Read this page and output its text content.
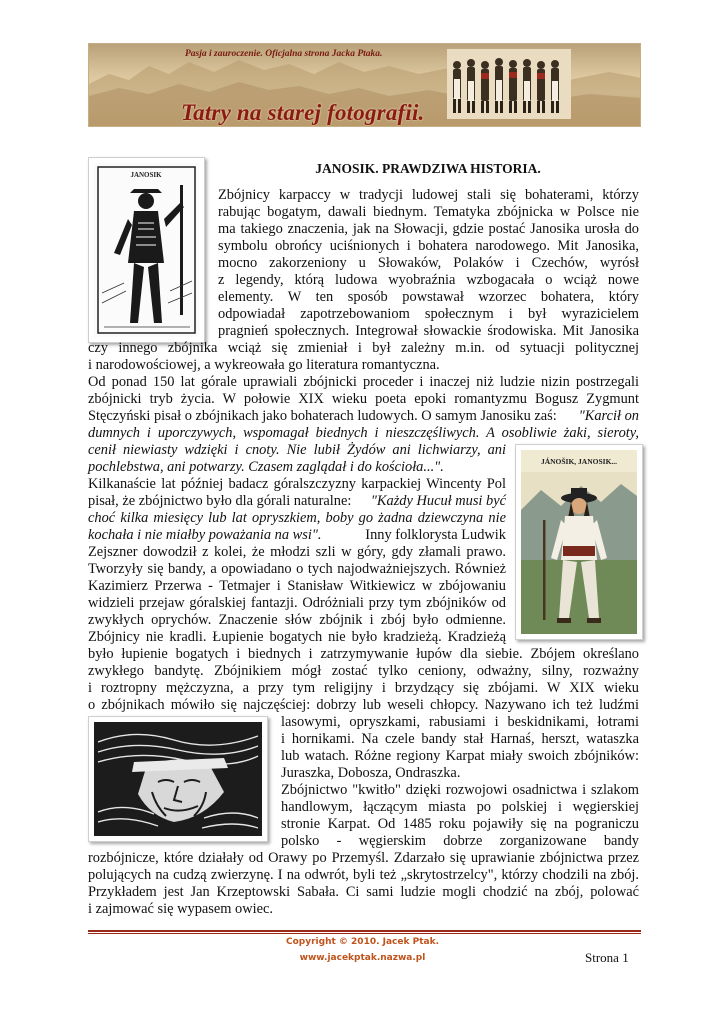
Pasja i zauroczenie. Oficjalna strona Jacka Ptaka.
Tatry na starej fotografii.
JANOSIK
JÁNOŠIK, JANOSIK...
JANOSIK. PRAWDZIWA HISTORIA.
Zbójnicy karpaccy w tradycji ludowej stali się bohaterami, którzy
rabując bogatym, dawali biednym. Tematyka zbójnicka w Polsce nie
ma takiego znaczenia, jak na Słowacji, gdzie postać Janosika urosła do
symbolu obrońcy uciśnionych i bohatera narodowego. Mit Janosika,
mocno zakorzeniony u Słowaków, Polaków i Czechów, wyrósł
z legendy, którą ludowa wyobraźnia wzbogacała o wciąż nowe
elementy. W ten sposób powstawał wzorzec bohatera, który
odpowiadał zapotrzebowaniom społecznym i był wyrazicielem
pragnień społecznych. Integrował słowackie środowiska. Mit Janosika
czy innego zbójnika wciąż się zmieniał i był zależny m.in. od sytuacji politycznej
i narodowościowej, a wykreowała go literatura romantyczna.
Od ponad 150 lat górale uprawiali zbójnicki proceder i inaczej niż ludzie nizin postrzegali
zbójnicki tryb życia. W połowie XIX wieku poeta epoki romantyzmu Bogusz Zygmunt
Stęczyński pisał o zbójnikach jako bohaterach ludowych. O samym Janosiku zaś: "Karcił on
dumnych i uporczywych, wspomagał biednych i nieszczęśliwych. A osobliwie żaki, sieroty,
cenił niewiasty wdzięki i cnoty. Nie lubił Żydów ani lichwiarzy, ani
pochlebstwa, ani potwarzy. Czasem zaglądał i do kościoła...".
Kilkanaście lat później badacz góralszczyzny karpackiej Wincenty Pol
pisał, że zbójnictwo było dla górali naturalne: "Każdy Hucuł musi być
choć kilka miesięcy lub lat opryszkiem, boby go żadna dziewczyna nie
kochała i nie miałby poważania na wsi".	Inny folklorysta Ludwik
Zejszner dowodził z kolei, że młodzi szli w góry, gdy złamali prawo.
Tworzyły się bandy, a opowiadano o tych najodważniejszych. Również
Kazimierz Przerwa - Tetmajer i Stanisław Witkiewicz w zbójowaniu
widzieli przejaw góralskiej fantazji. Odróżniali przy tym zbójników od
zwykłych oprychów. Znaczenie słów zbójnik i zbój było odmienne.
Zbójnicy nie kradli. Łupienie bogatych nie było kradzieżą. Kradzieżą
było łupienie bogatych i biednych i zatrzymywanie łupów dla siebie. Zbójem określano
zwykłego bandytę. Zbójnikiem mógł zostać tylko ceniony, odważny, silny, rozważny
i roztropny mężczyzna, a przy tym religijny i brzydzący się zbójami. W XIX wieku
o zbójnikach mówiło się najczęściej: dobrzy lub weseli chłopcy. Nazywano ich też ludźmi
lasowymi, opryszkami, rabusiami i beskidnikami, łotrami
i hornikami. Na czele bandy stał Harnaś, herszt, wataszka
lub watach. Różne regiony Karpat miały swoich zbójników:
Juraszka, Dobosza, Ondraszka.
Zbójnictwo "kwitło" dzięki rozwojowi osadnictwa i szlakom
handlowym, łączącym miasta po polskiej i węgierskiej
stronie Karpat. Od 1485 roku pojawiły się na pograniczu
polsko - węgierskim dobrze zorganizowane bandy
rozbójnicze, które działały od Orawy po Przemyśl. Zdarzało się uprawianie zbójnictwa przez
polujących na cudzą zwierzynę. I na odwrót, byli też „skrytostrzelcy", którzy chodzili na zbój.
Przykładem jest Jan Krzeptowski Sabała. Ci sami ludzie mogli chodzić na zbój, polować
i zajmować się wypasem owiec.
Copyright © 2010. Jacek Ptak.
www.jacekptak.nazwa.pl	Strona 1
